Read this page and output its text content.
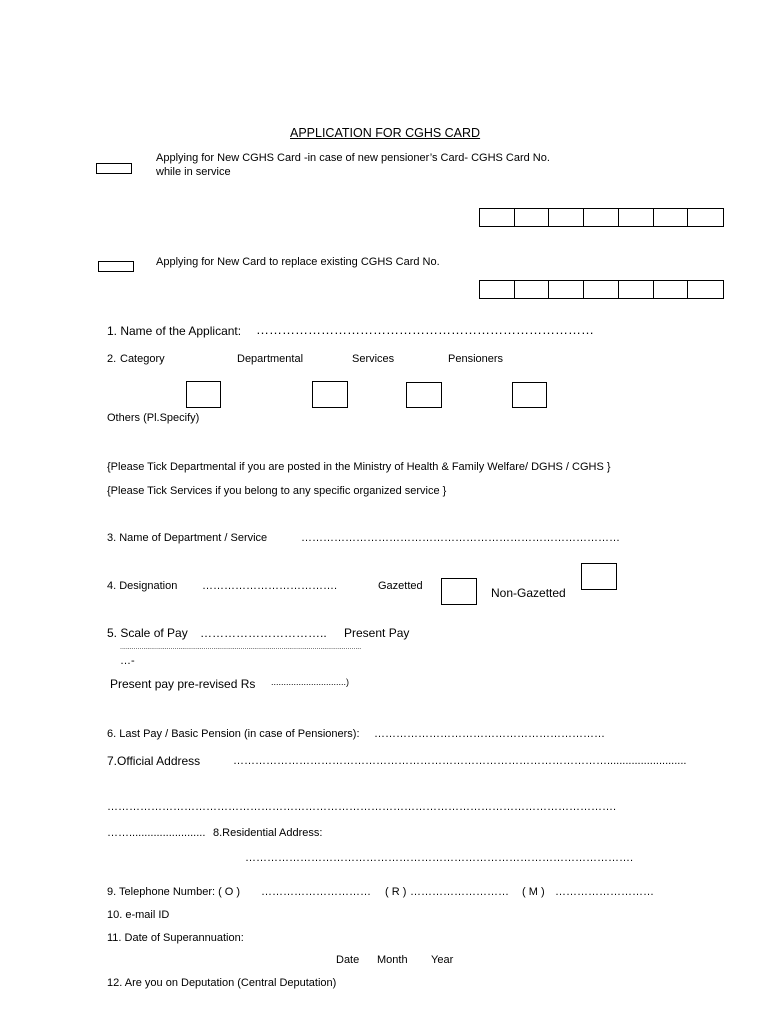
APPLICATION FOR CGHS CARD
Applying for New CGHS Card -in case of new pensioner’s Card- CGHS Card No.
while in service
Applying for New Card to replace existing CGHS Card No.
1. Name of the Applicant: ……………………………………………………………………
2. Category	Departmental	Services	Pensioners
Others (Pl.Specify)
{Please Tick Departmental if you are posted in the Ministry of Health & Family Welfare/ DGHS / CGHS }
{Please Tick Services if you belong to any specific organized service }
3. Name of Department / Service	……………………………………………………………………………
4. Designation ……………………………….	Gazetted	Non-Gazetted
5. Scale of Pay ………………………….. Present Pay
............................................................................................................................
…-
Present pay pre-revised Rs ..............................)
6. Last Pay / Basic Pension (in case of Pensioners): ………………………………………………………
7.Official Address	…………………………………………………………………………………………..........................
………………………………………………………………………………………………………………………….
……......................... 8.Residential Address:
…………………………………………………………………………………………….
9. Telephone Number: ( O ) ………………………… ( R ) ……………………… ( M ) ………………………
10. e-mail ID
11. Date of Superannuation:
Date Month Year
12. Are you on Deputation (Central Deputation)
